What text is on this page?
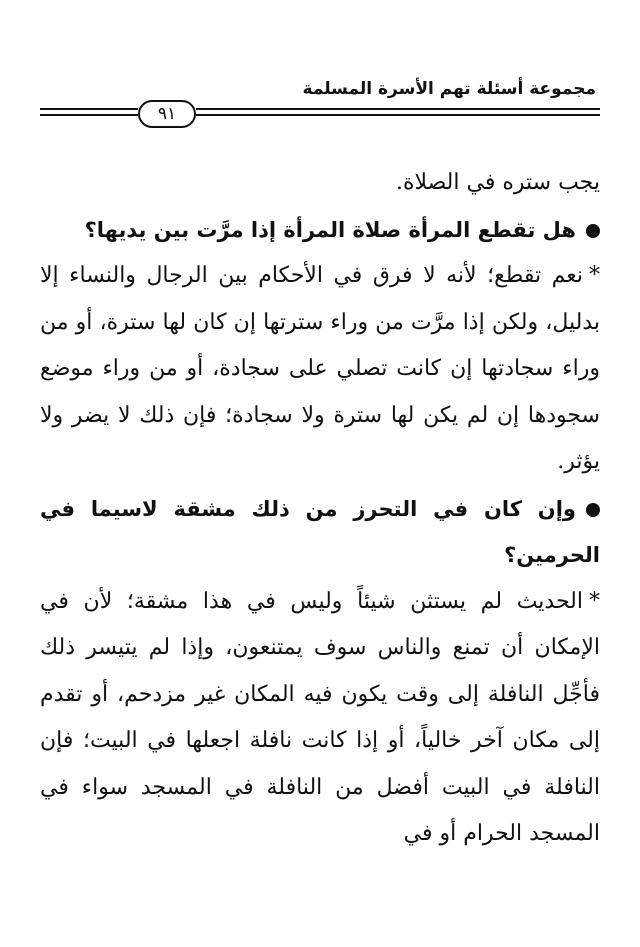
مجموعة أسئلة تهم الأسرة المسلمة
٩١

يجب ستره في الصلاة.

هل تقطع المرأة صلاة المرأة إذا مرَّت بين يديها؟

*نعم تقطع؛ لأنه لا فرق في الأحكام بين الرجال والنساء إلا بدليل، ولكن إذا مرَّت من وراء سترتها إن كان لها سترة، أو من وراء سجادتها إن كانت تصلي على سجادة، أو من وراء موضع سجودها إن لم يكن لها سترة ولا سجادة؛ فإن ذلك لا يضر ولا يؤثر.

وإن كان في التحرز من ذلك مشقة لاسيما في الحرمين؟

*الحديث لم يستثن شيئاً وليس في هذا مشقة؛ لأن في الإمكان أن تمنع والناس سوف يمتنعون، وإذا لم يتيسر ذلك فأجِّل النافلة إلى وقت يكون فيه المكان غير مزدحم، أو تقدم إلى مكان آخر خالياً، أو إذا كانت نافلة اجعلها في البيت؛ فإن النافلة في البيت أفضل من النافلة في المسجد سواء في المسجد الحرام أو في
